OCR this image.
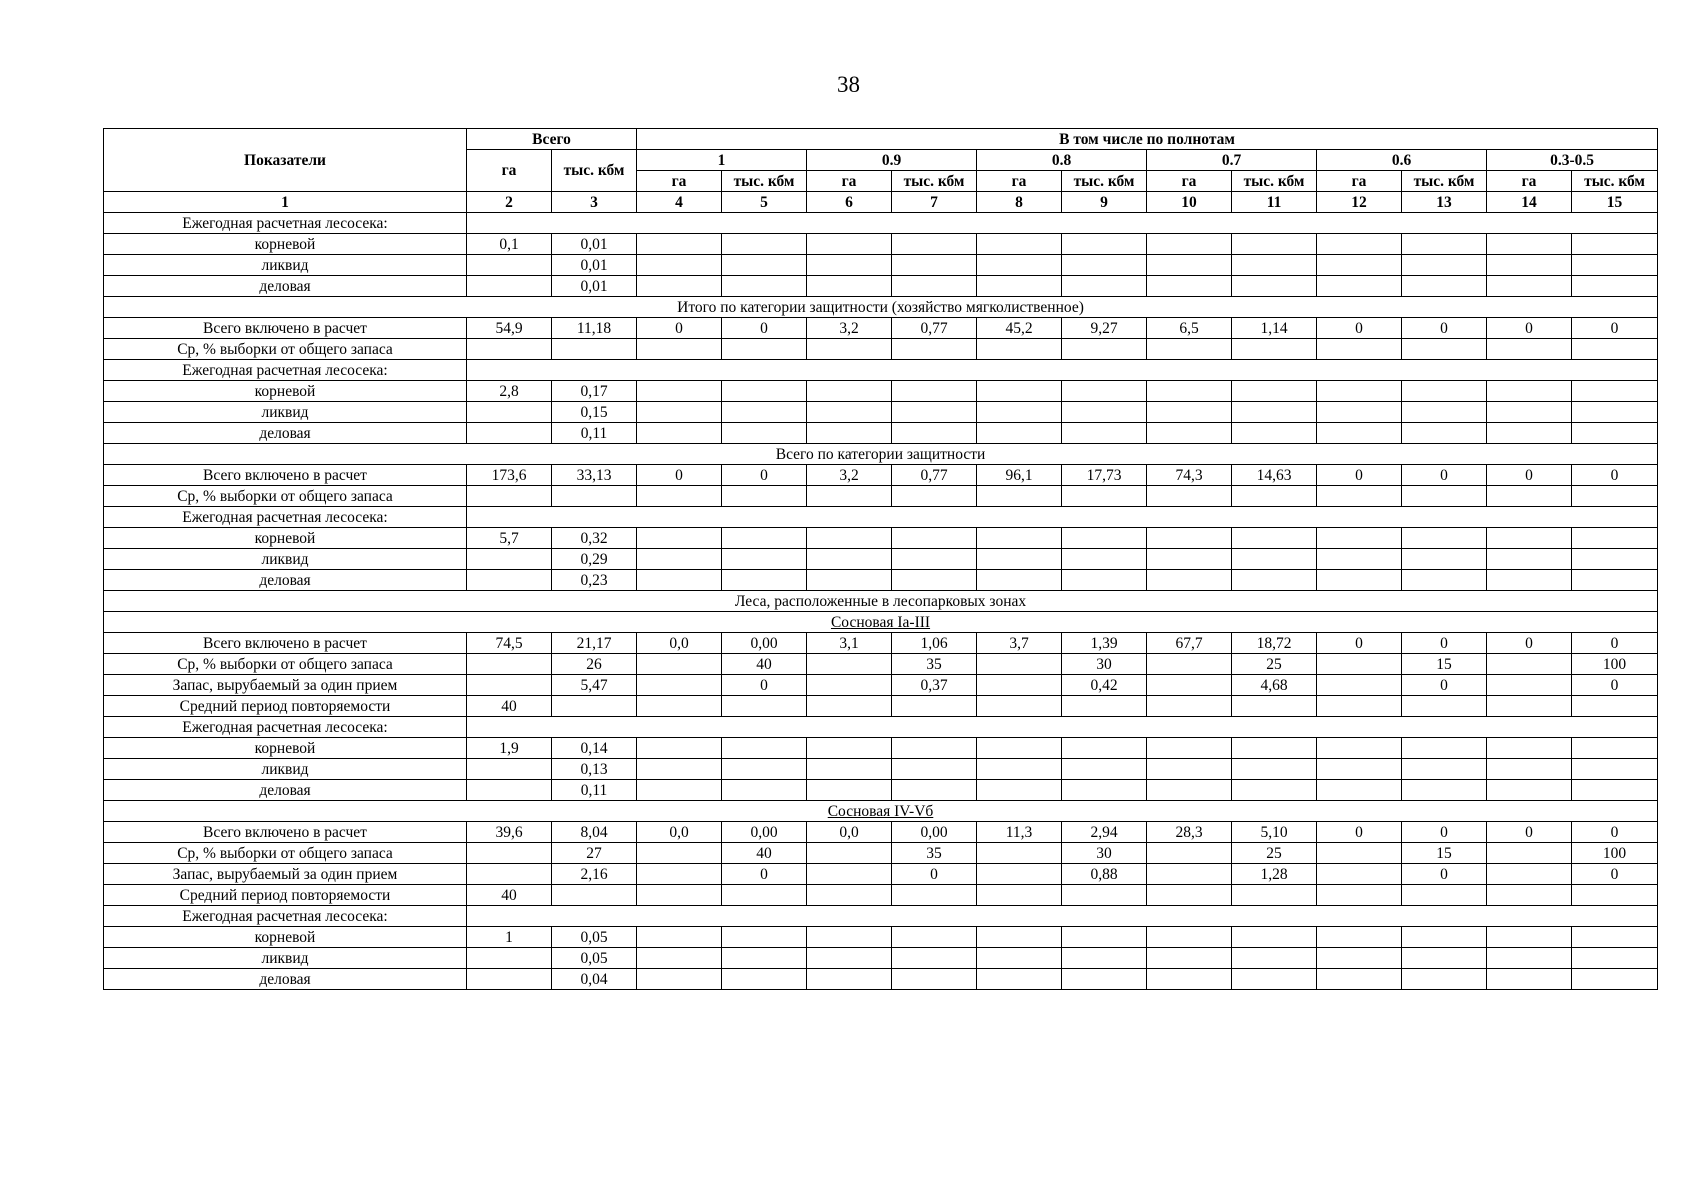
38
Показатели	Всего		В том числе по полнотам											
	га	тыс. кбм	1		0.9		0.8		0.7		0.6		0.3-0.5	
			га	тыс. кбм	га	тыс. кбм	га	тыс. кбм	га	тыс. кбм	га	тыс. кбм	га	тыс. кбм
1	2	3	4	5	6	7	8	9	10	11	12	13	14	15
Ежегодная расчетная лесосека:														
корневой	0,1	0,01												
ликвид		0,01												
деловая		0,01												
Итого по категории защитности (хозяйство мягколиственное)														
Всего включено в расчет	54,9	11,18	0	0	3,2	0,77	45,2	9,27	6,5	1,14	0	0	0	0
Ср, % выборки от общего запаса														
Ежегодная расчетная лесосека:														
корневой	2,8	0,17												
ликвид		0,15												
деловая		0,11												
Всего по категории защитности														
Всего включено в расчет	173,6	33,13	0	0	3,2	0,77	96,1	17,73	74,3	14,63	0	0	0	0
Ср, % выборки от общего запаса														
Ежегодная расчетная лесосека:														
корневой	5,7	0,32												
ликвид		0,29												
деловая		0,23												
Леса, расположенные в лесопарковых зонах														
Сосновая Iа-III														
Всего включено в расчет	74,5	21,17	0,0	0,00	3,1	1,06	3,7	1,39	67,7	18,72	0	0	0	0
Ср, % выборки от общего запаса		26		40		35		30		25		15		100
Запас, вырубаемый за один прием		5,47		0		0,37		0,42		4,68		0		0
Средний период повторяемости	40													
Ежегодная расчетная лесосека:														
корневой	1,9	0,14												
ликвид		0,13												
деловая		0,11												
Сосновая IV-Vб														
Всего включено в расчет	39,6	8,04	0,0	0,00	0,0	0,00	11,3	2,94	28,3	5,10	0	0	0	0
Ср, % выборки от общего запаса		27		40		35		30		25		15		100
Запас, вырубаемый за один прием		2,16		0		0		0,88		1,28		0		0
Средний период повторяемости	40													
Ежегодная расчетная лесосека:														
корневой	1	0,05												
ликвид		0,05												
деловая		0,04												
